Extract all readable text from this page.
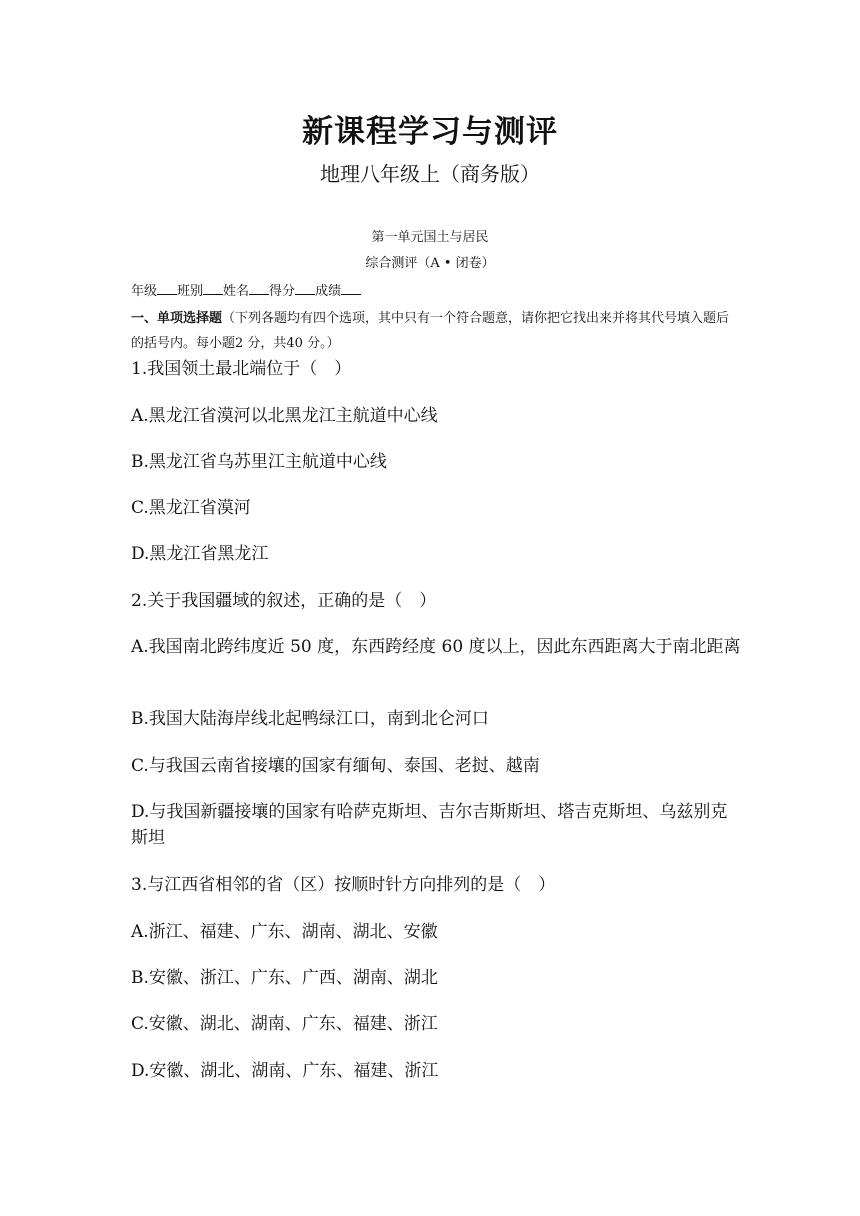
新课程学习与测评
地理八年级上（商务版）
第一单元国土与居民
综合测评（A • 闭卷）
年级 班别 姓名 得分 成绩
一、单项选择题（下列各题均有四个选项，其中只有一个符合题意，请你把它找出来并将其代号填入题后的括号内。每小题2 分，共40 分。）
1.我国领土最北端位于（　）
A.黑龙江省漠河以北黑龙江主航道中心线
B.黑龙江省乌苏里江主航道中心线
C.黑龙江省漠河
D.黑龙江省黑龙江
2.关于我国疆域的叙述，正确的是（　）
A.我国南北跨纬度近 50 度，东西跨经度 60 度以上，因此东西距离大于南北距离
B.我国大陆海岸线北起鸭绿江口，南到北仑河口
C.与我国云南省接壤的国家有缅甸、泰国、老挝、越南
D.与我国新疆接壤的国家有哈萨克斯坦、吉尔吉斯斯坦、塔吉克斯坦、乌兹别克斯坦
3.与江西省相邻的省（区）按顺时针方向排列的是（　）
A.浙江、福建、广东、湖南、湖北、安徽
B.安徽、浙江、广东、广西、湖南、湖北
C.安徽、湖北、湖南、广东、福建、浙江
D.安徽、湖北、湖南、广东、福建、浙江
